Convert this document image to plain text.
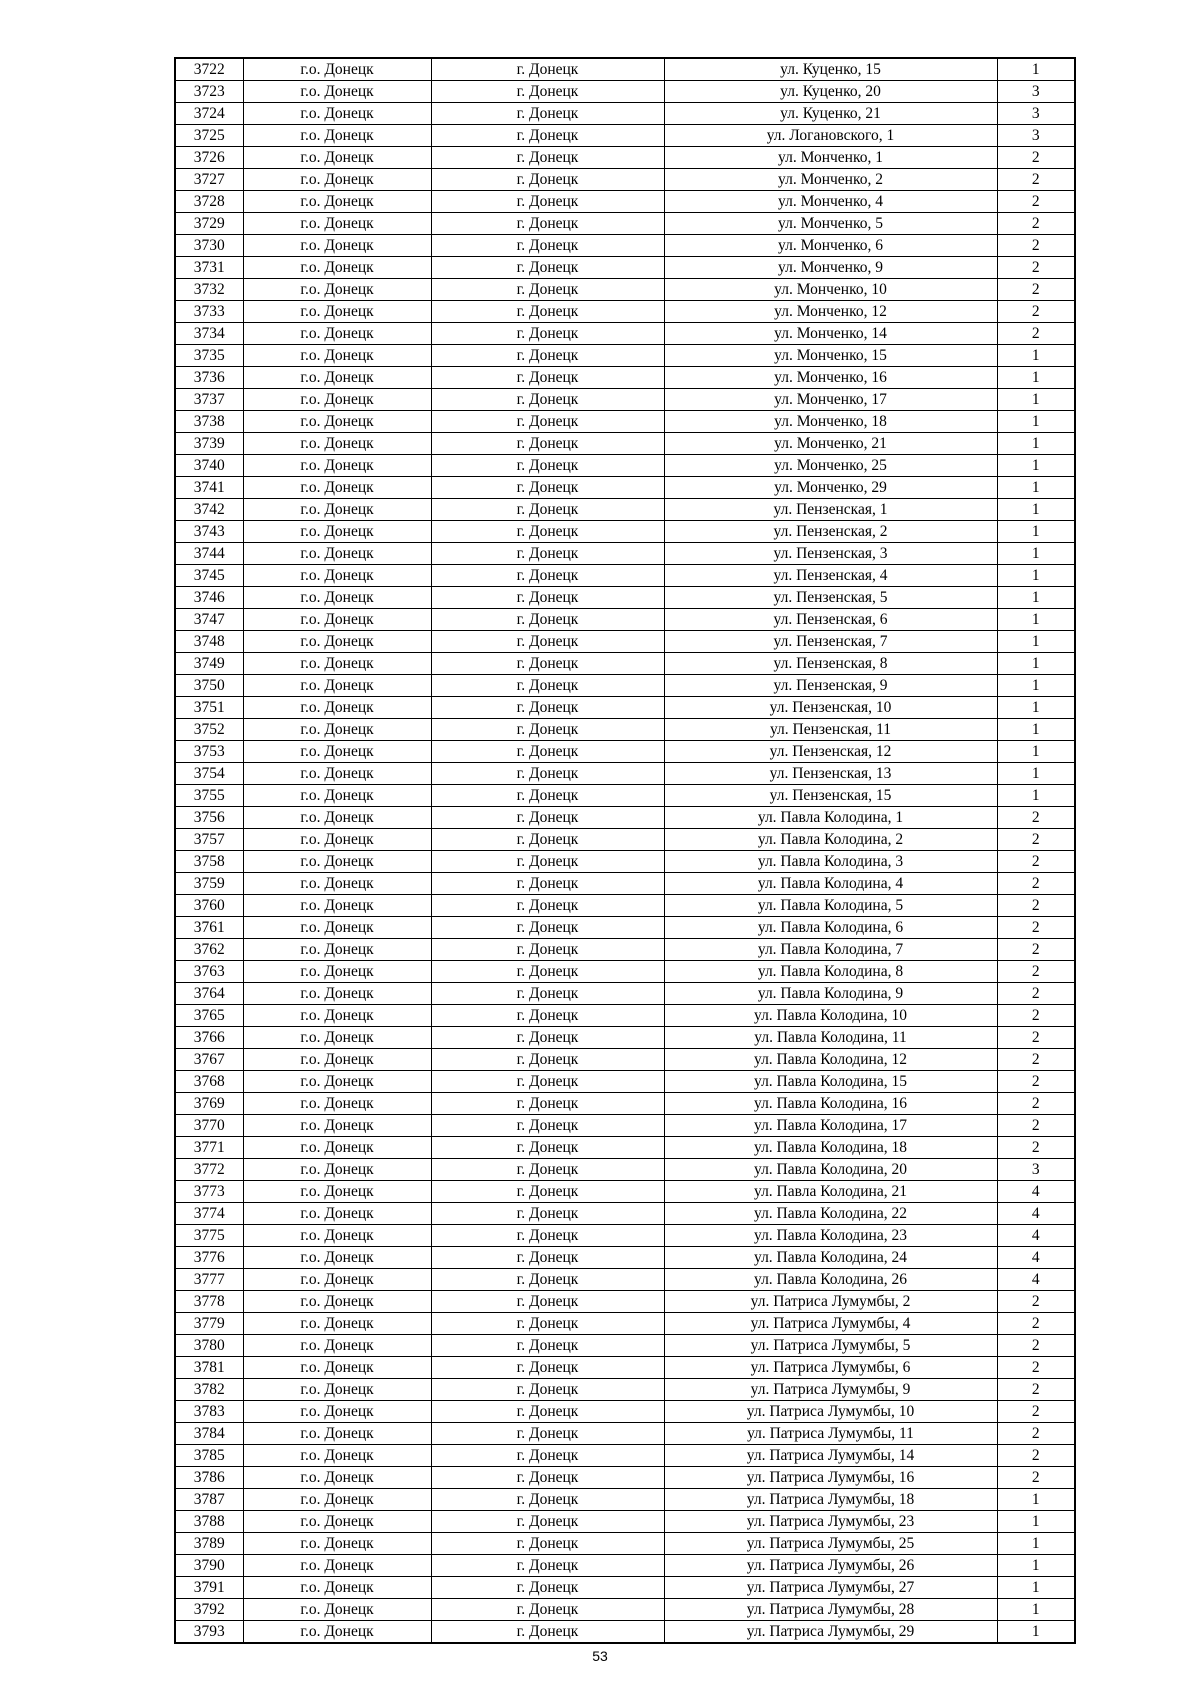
3722	г.о. Донецк	г. Донецк	ул. Куценко, 15	1
3723	г.о. Донецк	г. Донецк	ул. Куценко, 20	3
3724	г.о. Донецк	г. Донецк	ул. Куценко, 21	3
3725	г.о. Донецк	г. Донецк	ул. Логановского, 1	3
3726	г.о. Донецк	г. Донецк	ул. Монченко, 1	2
3727	г.о. Донецк	г. Донецк	ул. Монченко, 2	2
3728	г.о. Донецк	г. Донецк	ул. Монченко, 4	2
3729	г.о. Донецк	г. Донецк	ул. Монченко, 5	2
3730	г.о. Донецк	г. Донецк	ул. Монченко, 6	2
3731	г.о. Донецк	г. Донецк	ул. Монченко, 9	2
3732	г.о. Донецк	г. Донецк	ул. Монченко, 10	2
3733	г.о. Донецк	г. Донецк	ул. Монченко, 12	2
3734	г.о. Донецк	г. Донецк	ул. Монченко, 14	2
3735	г.о. Донецк	г. Донецк	ул. Монченко, 15	1
3736	г.о. Донецк	г. Донецк	ул. Монченко, 16	1
3737	г.о. Донецк	г. Донецк	ул. Монченко, 17	1
3738	г.о. Донецк	г. Донецк	ул. Монченко, 18	1
3739	г.о. Донецк	г. Донецк	ул. Монченко, 21	1
3740	г.о. Донецк	г. Донецк	ул. Монченко, 25	1
3741	г.о. Донецк	г. Донецк	ул. Монченко, 29	1
3742	г.о. Донецк	г. Донецк	ул. Пензенская, 1	1
3743	г.о. Донецк	г. Донецк	ул. Пензенская, 2	1
3744	г.о. Донецк	г. Донецк	ул. Пензенская, 3	1
3745	г.о. Донецк	г. Донецк	ул. Пензенская, 4	1
3746	г.о. Донецк	г. Донецк	ул. Пензенская, 5	1
3747	г.о. Донецк	г. Донецк	ул. Пензенская, 6	1
3748	г.о. Донецк	г. Донецк	ул. Пензенская, 7	1
3749	г.о. Донецк	г. Донецк	ул. Пензенская, 8	1
3750	г.о. Донецк	г. Донецк	ул. Пензенская, 9	1
3751	г.о. Донецк	г. Донецк	ул. Пензенская, 10	1
3752	г.о. Донецк	г. Донецк	ул. Пензенская, 11	1
3753	г.о. Донецк	г. Донецк	ул. Пензенская, 12	1
3754	г.о. Донецк	г. Донецк	ул. Пензенская, 13	1
3755	г.о. Донецк	г. Донецк	ул. Пензенская, 15	1
3756	г.о. Донецк	г. Донецк	ул. Павла Колодина, 1	2
3757	г.о. Донецк	г. Донецк	ул. Павла Колодина, 2	2
3758	г.о. Донецк	г. Донецк	ул. Павла Колодина, 3	2
3759	г.о. Донецк	г. Донецк	ул. Павла Колодина, 4	2
3760	г.о. Донецк	г. Донецк	ул. Павла Колодина, 5	2
3761	г.о. Донецк	г. Донецк	ул. Павла Колодина, 6	2
3762	г.о. Донецк	г. Донецк	ул. Павла Колодина, 7	2
3763	г.о. Донецк	г. Донецк	ул. Павла Колодина, 8	2
3764	г.о. Донецк	г. Донецк	ул. Павла Колодина, 9	2
3765	г.о. Донецк	г. Донецк	ул. Павла Колодина, 10	2
3766	г.о. Донецк	г. Донецк	ул. Павла Колодина, 11	2
3767	г.о. Донецк	г. Донецк	ул. Павла Колодина, 12	2
3768	г.о. Донецк	г. Донецк	ул. Павла Колодина, 15	2
3769	г.о. Донецк	г. Донецк	ул. Павла Колодина, 16	2
3770	г.о. Донецк	г. Донецк	ул. Павла Колодина, 17	2
3771	г.о. Донецк	г. Донецк	ул. Павла Колодина, 18	2
3772	г.о. Донецк	г. Донецк	ул. Павла Колодина, 20	3
3773	г.о. Донецк	г. Донецк	ул. Павла Колодина, 21	4
3774	г.о. Донецк	г. Донецк	ул. Павла Колодина, 22	4
3775	г.о. Донецк	г. Донецк	ул. Павла Колодина, 23	4
3776	г.о. Донецк	г. Донецк	ул. Павла Колодина, 24	4
3777	г.о. Донецк	г. Донецк	ул. Павла Колодина, 26	4
3778	г.о. Донецк	г. Донецк	ул. Патриса Лумумбы, 2	2
3779	г.о. Донецк	г. Донецк	ул. Патриса Лумумбы, 4	2
3780	г.о. Донецк	г. Донецк	ул. Патриса Лумумбы, 5	2
3781	г.о. Донецк	г. Донецк	ул. Патриса Лумумбы, 6	2
3782	г.о. Донецк	г. Донецк	ул. Патриса Лумумбы, 9	2
3783	г.о. Донецк	г. Донецк	ул. Патриса Лумумбы, 10	2
3784	г.о. Донецк	г. Донецк	ул. Патриса Лумумбы, 11	2
3785	г.о. Донецк	г. Донецк	ул. Патриса Лумумбы, 14	2
3786	г.о. Донецк	г. Донецк	ул. Патриса Лумумбы, 16	2
3787	г.о. Донецк	г. Донецк	ул. Патриса Лумумбы, 18	1
3788	г.о. Донецк	г. Донецк	ул. Патриса Лумумбы, 23	1
3789	г.о. Донецк	г. Донецк	ул. Патриса Лумумбы, 25	1
3790	г.о. Донецк	г. Донецк	ул. Патриса Лумумбы, 26	1
3791	г.о. Донецк	г. Донецк	ул. Патриса Лумумбы, 27	1
3792	г.о. Донецк	г. Донецк	ул. Патриса Лумумбы, 28	1
3793	г.о. Донецк	г. Донецк	ул. Патриса Лумумбы, 29	1
53
